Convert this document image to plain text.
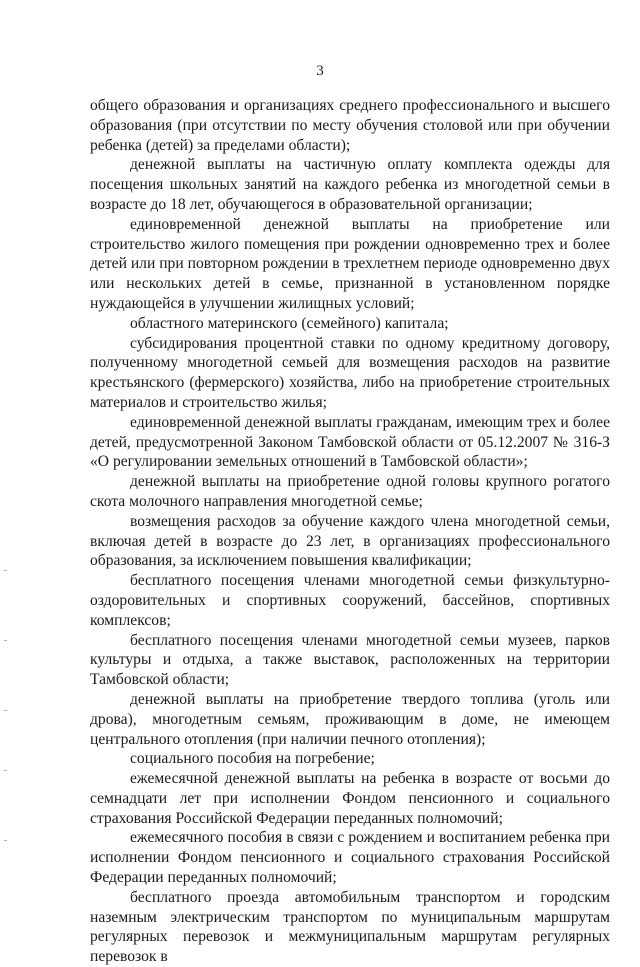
3

общего образования и организациях среднего профессионального и высшего образования (при отсутствии по месту обучения столовой или при обучении ребенка (детей) за пределами области);

денежной выплаты на частичную оплату комплекта одежды для посещения школьных занятий на каждого ребенка из многодетной семьи в возрасте до 18 лет, обучающегося в образовательной организации;

единовременной денежной выплаты на приобретение или строительство жилого помещения при рождении одновременно трех и более детей или при повторном рождении в трехлетнем периоде одновременно двух или нескольких детей в семье, признанной в установленном порядке нуждающейся в улучшении жилищных условий;

областного материнского (семейного) капитала;

субсидирования процентной ставки по одному кредитному договору, полученному многодетной семьей для возмещения расходов на развитие крестьянского (фермерского) хозяйства, либо на приобретение строительных материалов и строительство жилья;

единовременной денежной выплаты гражданам, имеющим трех и более детей, предусмотренной Законом Тамбовской области от 05.12.2007 № 316-З «О регулировании земельных отношений в Тамбовской области»;

денежной выплаты на приобретение одной головы крупного рогатого скота молочного направления многодетной семье;

возмещения расходов за обучение каждого члена многодетной семьи, включая детей в возрасте до 23 лет, в организациях профессионального образования, за исключением повышения квалификации;

бесплатного посещения членами многодетной семьи физкультурно-оздоровительных и спортивных сооружений, бассейнов, спортивных комплексов;

бесплатного посещения членами многодетной семьи музеев, парков культуры и отдыха, а также выставок, расположенных на территории Тамбовской области;

денежной выплаты на приобретение твердого топлива (уголь или дрова), многодетным семьям, проживающим в доме, не имеющем центрального отопления (при наличии печного отопления);

социального пособия на погребение;

ежемесячной денежной выплаты на ребенка в возрасте от восьми до семнадцати лет при исполнении Фондом пенсионного и социального страхования Российской Федерации переданных полномочий;

ежемесячного пособия в связи с рождением и воспитанием ребенка при исполнении Фондом пенсионного и социального страхования Российской Федерации переданных полномочий;

бесплатного проезда автомобильным транспортом и городским наземным электрическим транспортом по муниципальным маршрутам регулярных перевозок и межмуниципальным маршрутам регулярных перевозок в
